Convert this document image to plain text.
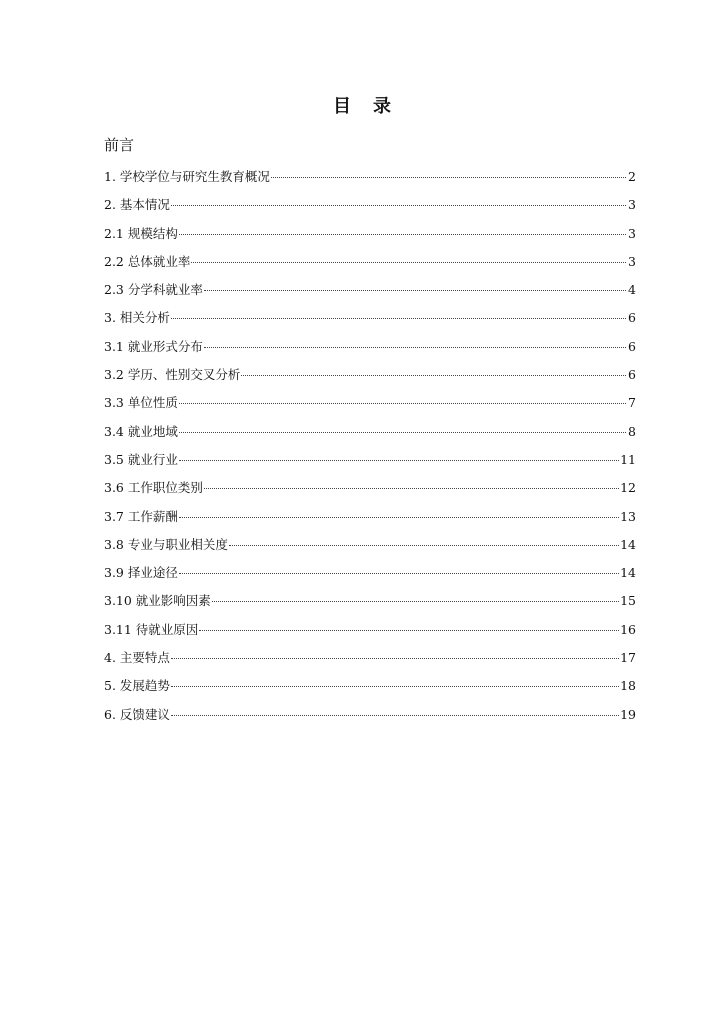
目 录
前言
1. 学校学位与研究生教育概况	2
2. 基本情况	3
2.1 规模结构	3
2.2 总体就业率	3
2.3 分学科就业率	4
3. 相关分析	6
3.1 就业形式分布	6
3.2 学历、性别交叉分析	6
3.3 单位性质	7
3.4 就业地域	8
3.5 就业行业	11
3.6 工作职位类别	12
3.7 工作薪酬	13
3.8 专业与职业相关度	14
3.9 择业途径	14
3.10 就业影响因素	15
3.11 待就业原因	16
4. 主要特点	17
5. 发展趋势	18
6. 反馈建议	19
